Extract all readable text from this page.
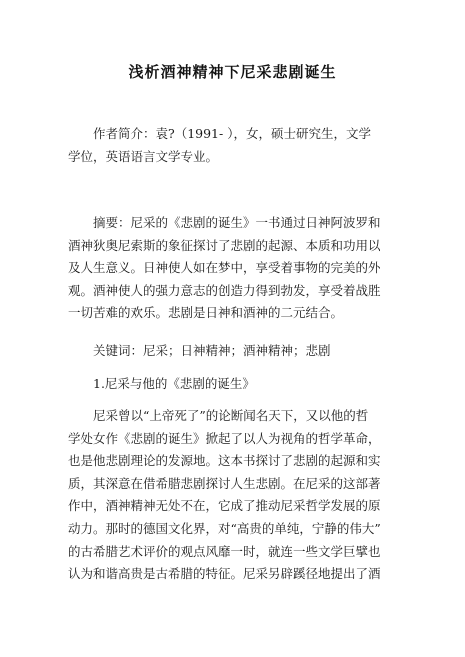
浅析酒神精神下尼采悲剧诞生
作者简介：袁?（1991- ），女，硕士研究生，文学
学位，英语语言文学专业。
摘要：尼采的《悲剧的诞生》一书通过日神阿波罗和
酒神狄奥尼索斯的象征探讨了悲剧的起源、本质和功用以
及人生意义。日神使人如在梦中，享受着事物的完美的外
观。酒神使人的强力意志的创造力得到勃发，享受着战胜
一切苦难的欢乐。悲剧是日神和酒神的二元结合。
关键词：尼采；日神精神；酒神精神；悲剧
1.尼采与他的《悲剧的诞生》
尼采曾以“上帝死了”的论断闻名天下，又以他的哲
学处女作《悲剧的诞生》掀起了以人为视角的哲学革命，
也是他悲剧理论的发源地。这本书探讨了悲剧的起源和实
质，其深意在借希腊悲剧探讨人生悲剧。在尼采的这部著
作中，酒神精神无处不在，它成了推动尼采哲学发展的原
动力。那时的德国文化界，对“高贵的单纯，宁静的伟大”
的古希腊艺术评价的观点风靡一时，就连一些文学巨擘也
认为和谐高贵是古希腊的特征。尼采另辟蹊径地提出了酒
